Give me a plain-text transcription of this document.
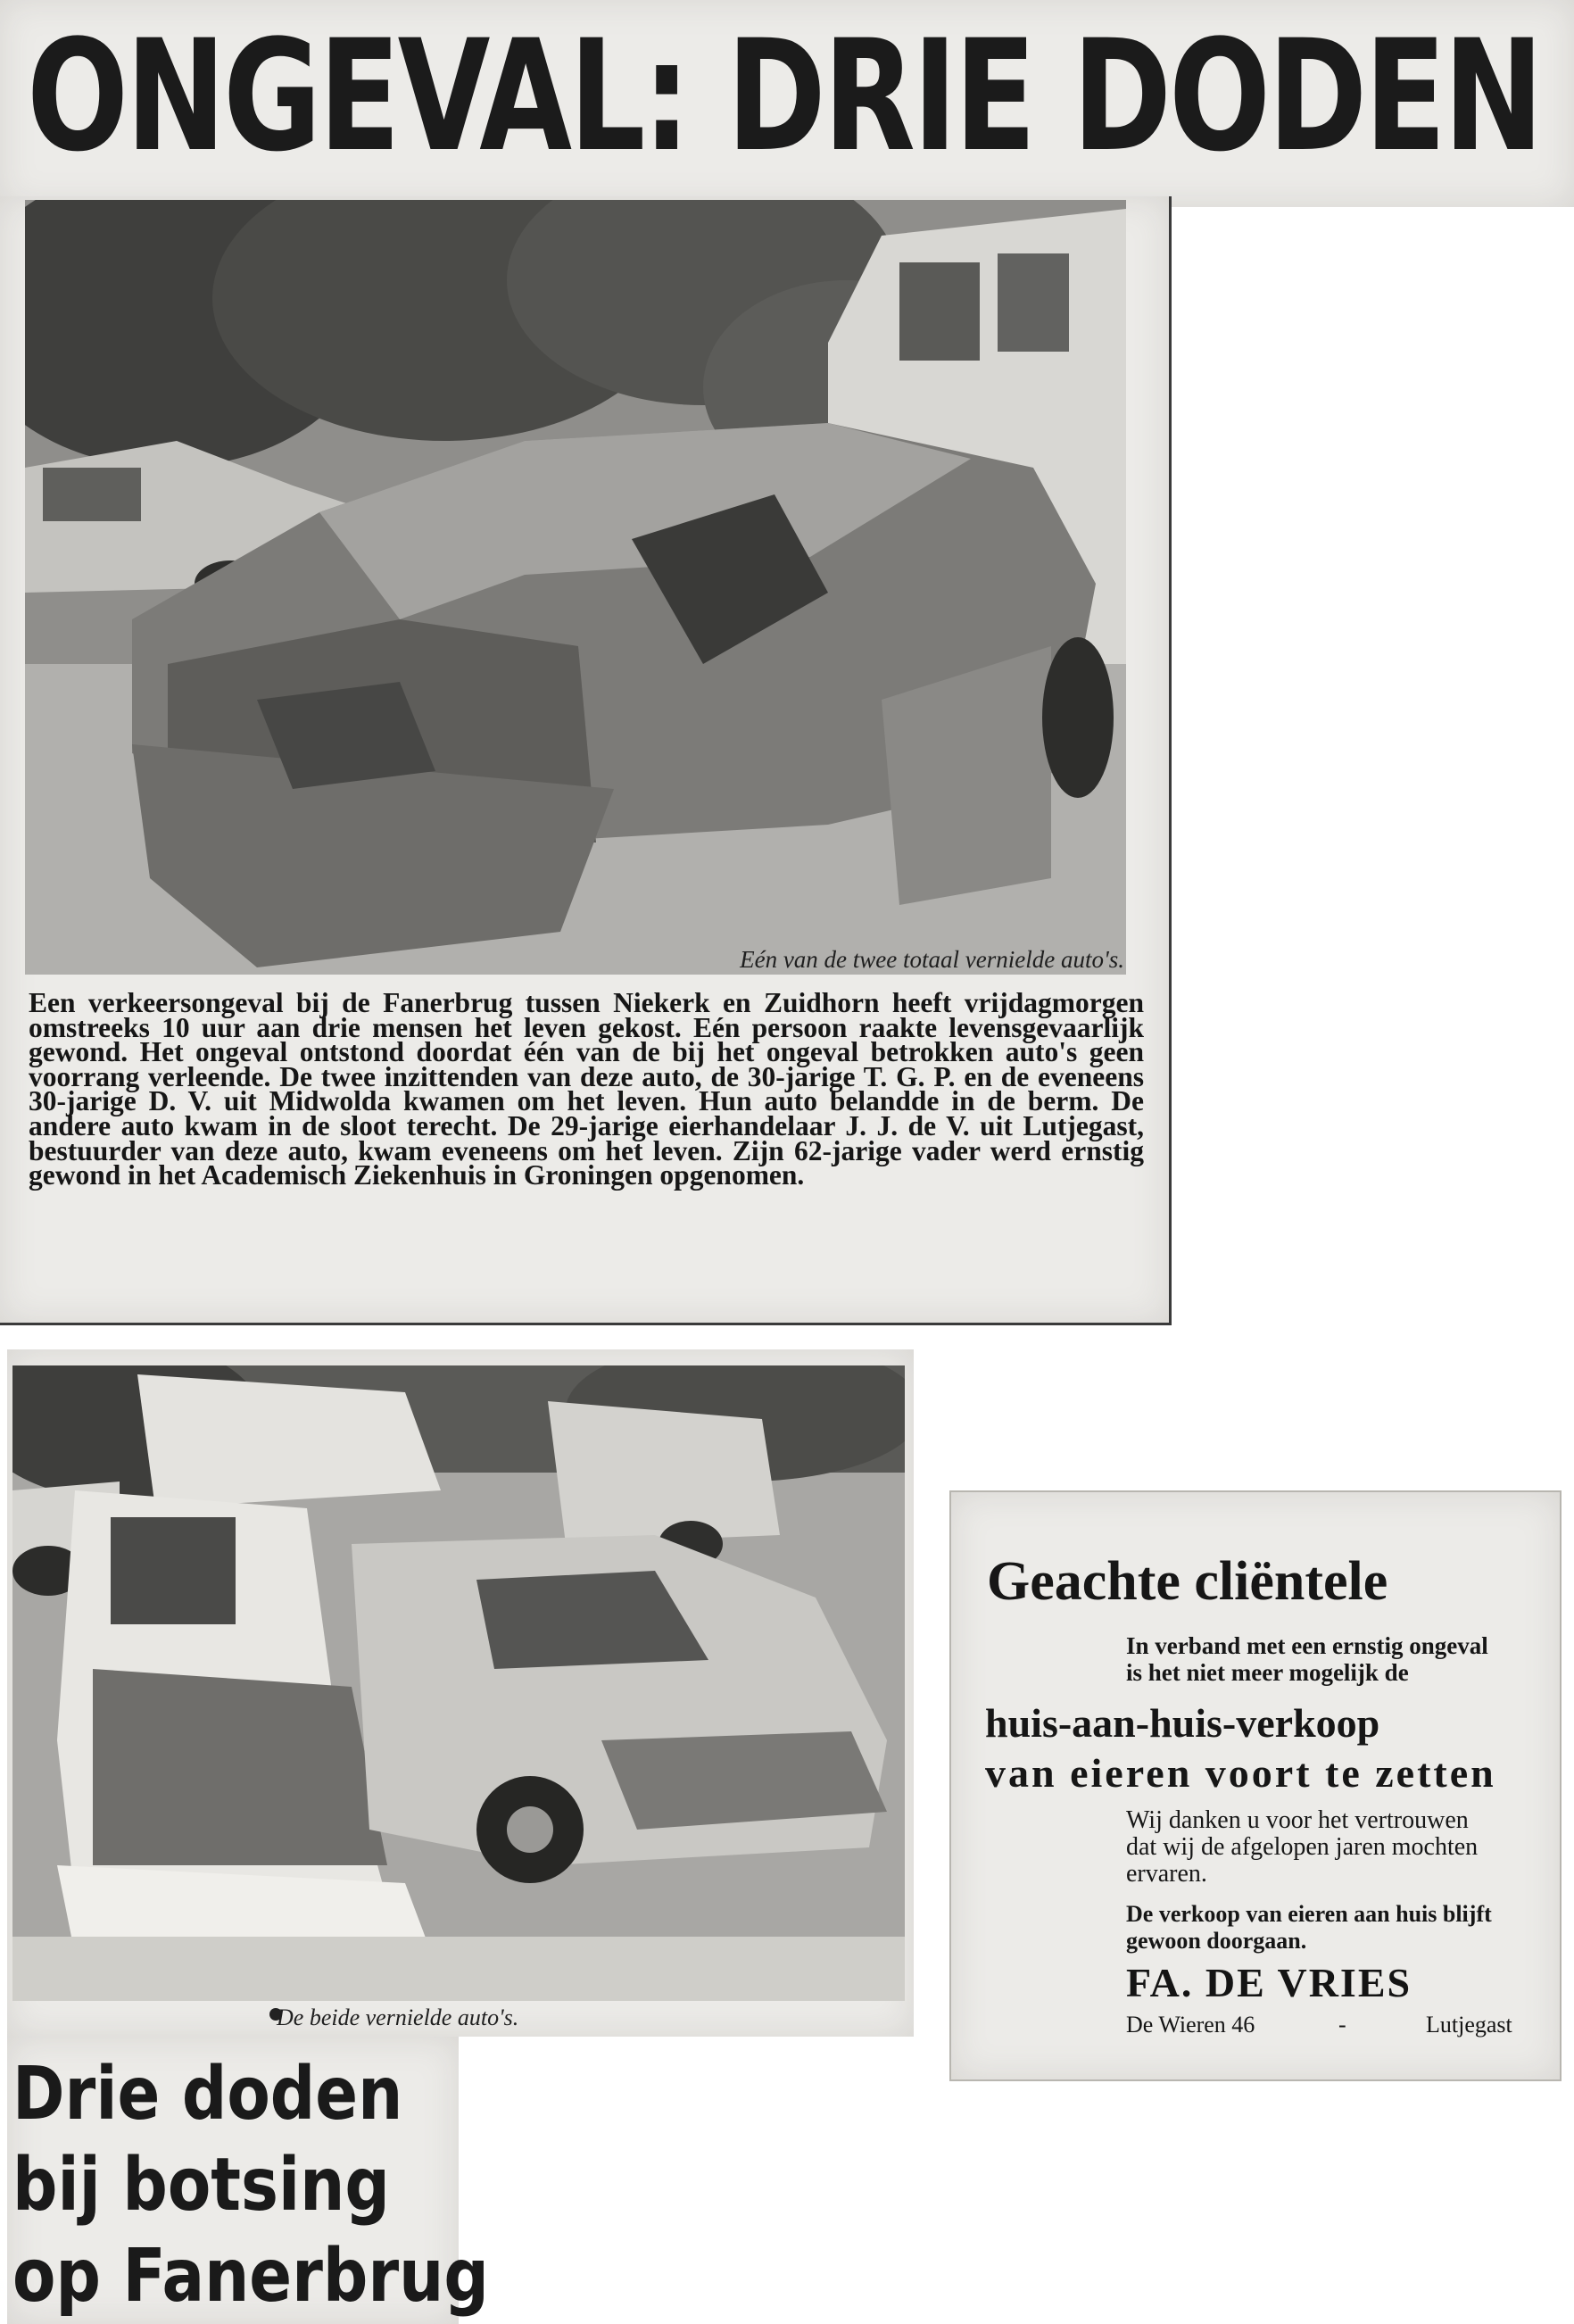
ONGEVAL: DRIE DODEN
Eén van de twee totaal vernielde auto's.
Een verkeersongeval bij de Fanerbrug tussen Niekerk en Zuidhorn heeft vrijdagmorgen omstreeks 10 uur aan drie mensen het leven gekost. Eén persoon raakte levensgevaarlijk gewond. Het ongeval ontstond doordat één van de bij het ongeval betrokken auto's geen voorrang verleende. De twee inzittenden van deze auto, de 30-jarige T. G. P. en de eveneens 30-jarige D. V. uit Midwolda kwamen om het leven. Hun auto belandde in de berm. De andere auto kwam in de sloot terecht. De 29-jarige eierhandelaar J. J. de V. uit Lutjegast, bestuurder van deze auto, kwam eveneens om het leven. Zijn 62-jarige vader werd ernstig gewond in het Academisch Ziekenhuis in Groningen opgenomen.
De beide vernielde auto's.
Drie doden
bij botsing
op Fanerbrug
Geachte cliëntele
In verband met een ernstig ongeval
is het niet meer mogelijk de
huis-aan-huis-verkoop
van eieren voort te zetten
Wij danken u voor het vertrouwen
dat wij de afgelopen jaren mochten
ervaren.
De verkoop van eieren aan huis blijft
gewoon doorgaan.
FA. DE VRIES
De Wieren 46	-	Lutjegast
